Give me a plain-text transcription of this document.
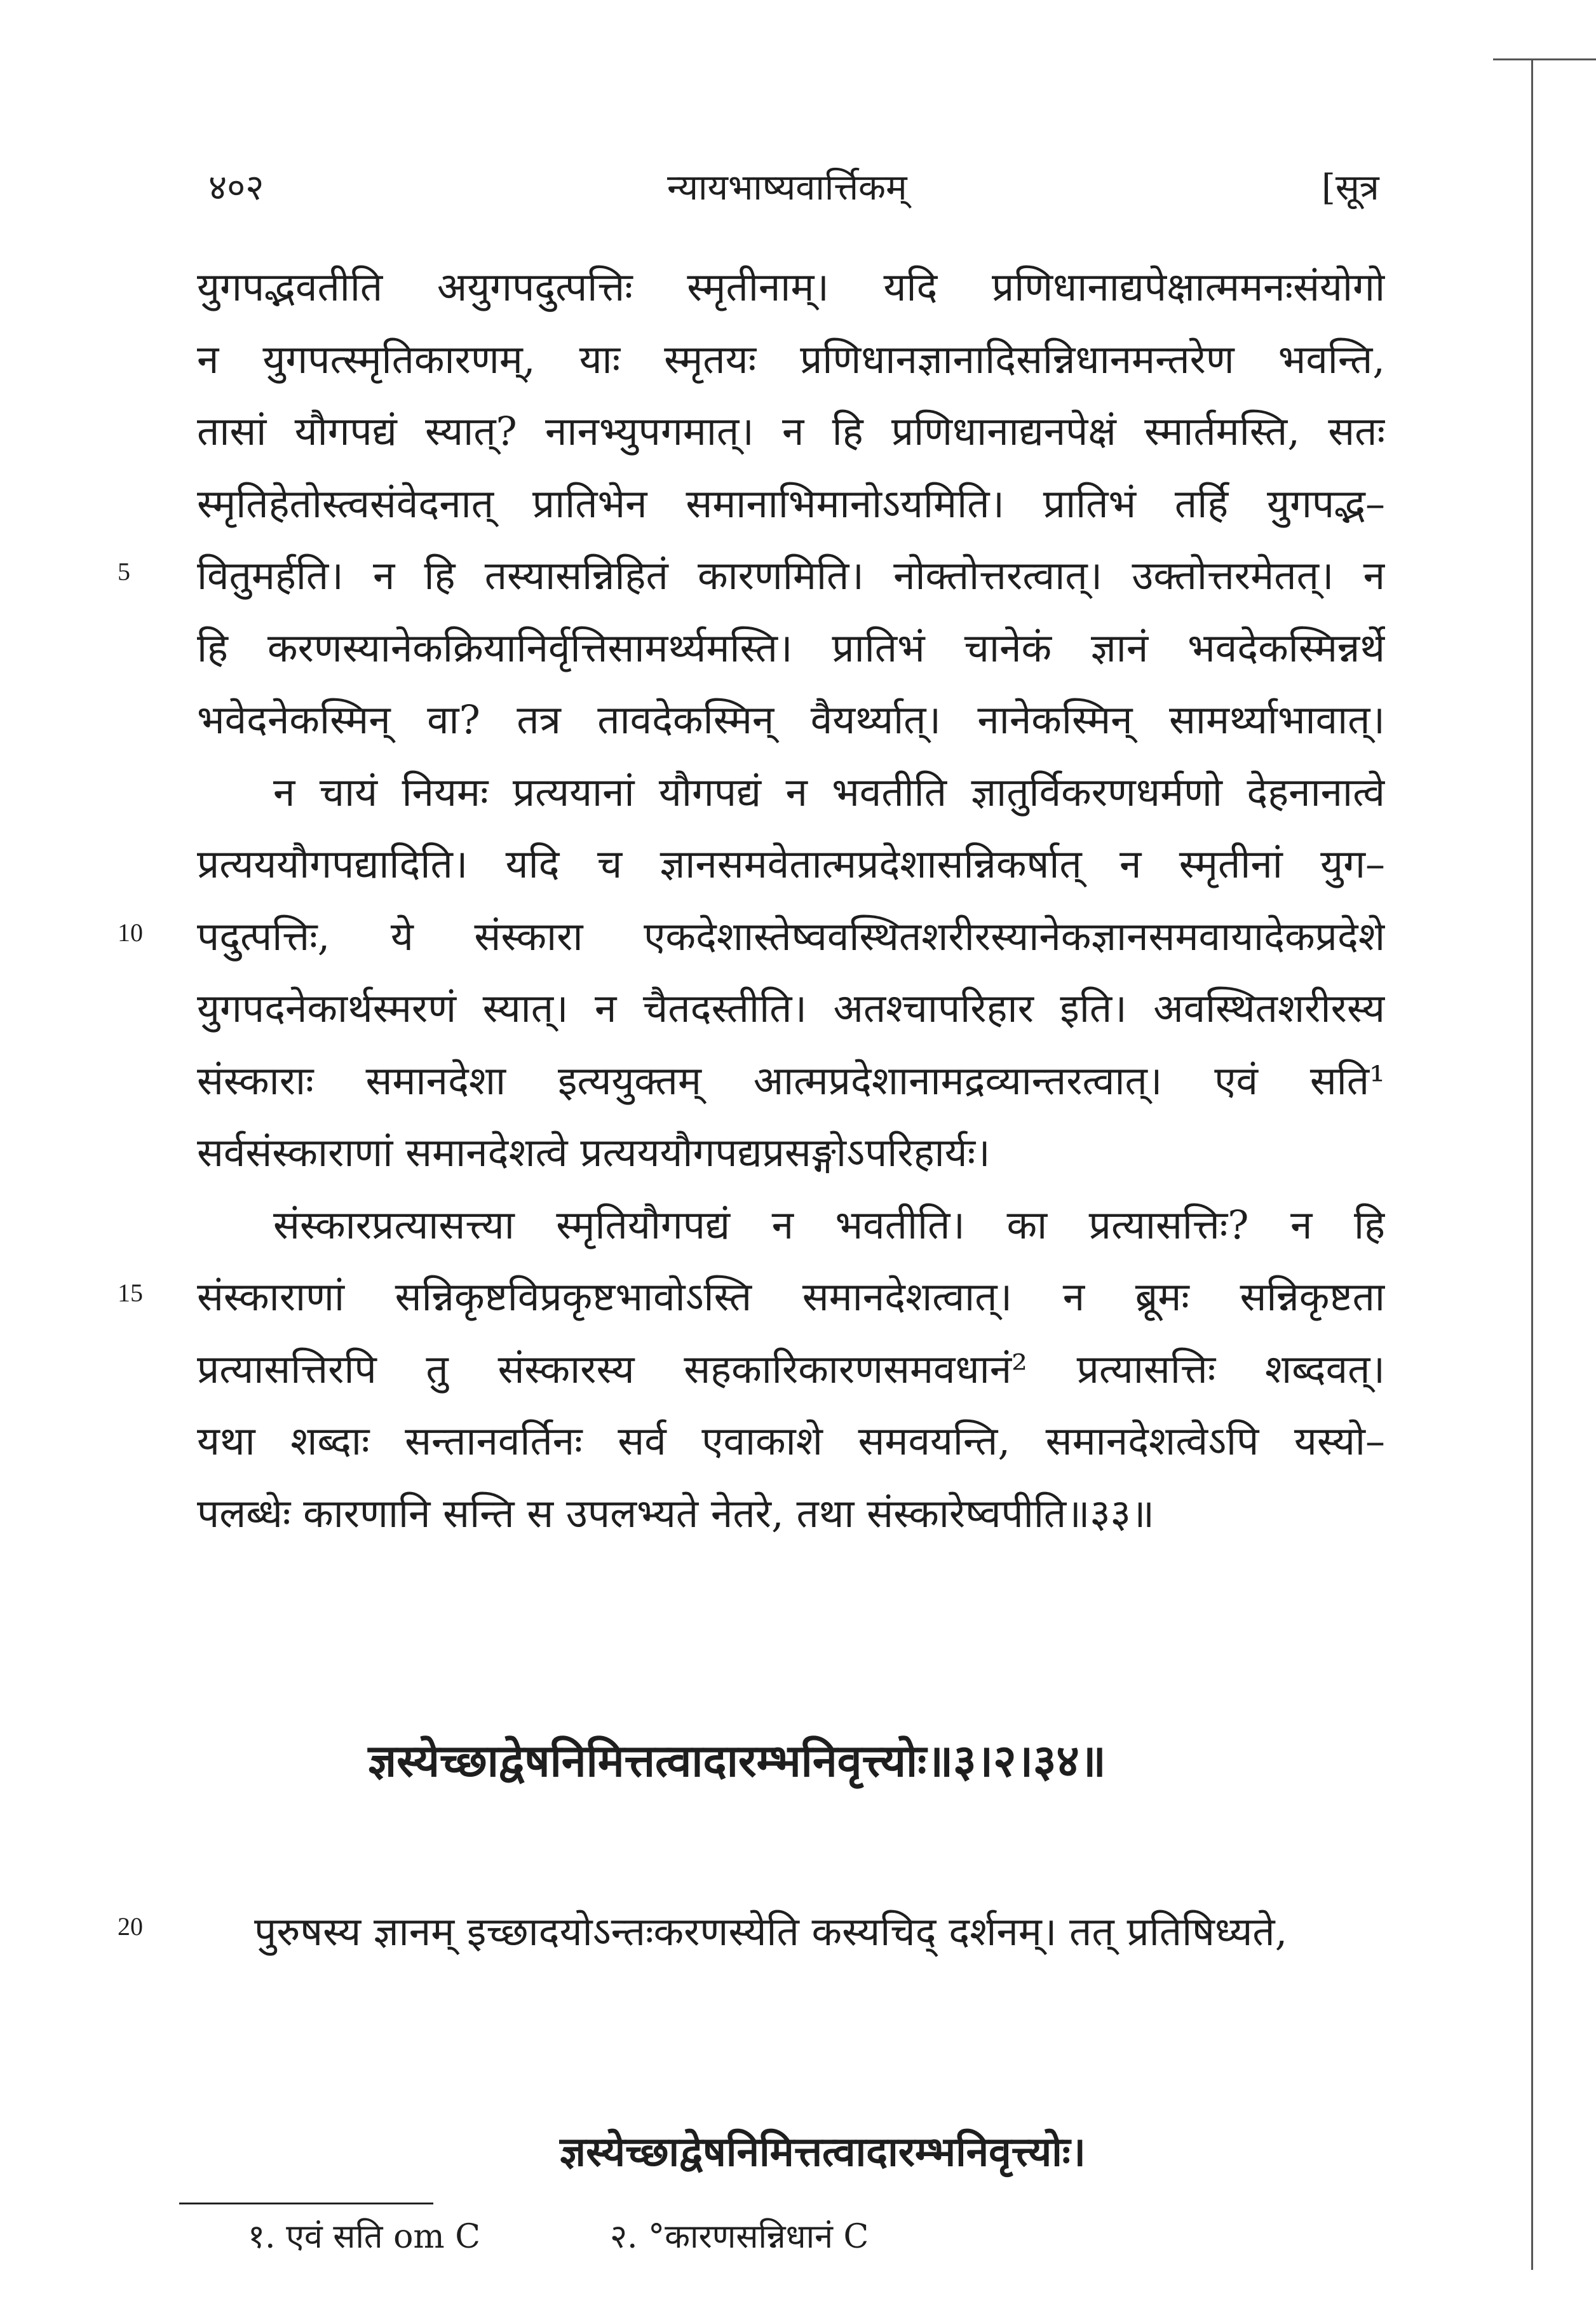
४०२	न्यायभाष्यवार्त्तिकम्	[सूत्र
युगपद्भवतीति अयुगपदुत्पत्तिः स्मृतीनाम्। यदि प्रणिधानाद्यपेक्षात्ममनःसंयोगो
न युगपत्स्मृतिकारणम्, याः स्मृतयः प्रणिधानज्ञानादिसन्निधानमन्तरेण भवन्ति,
तासां यौगपद्यं स्यात्? नानभ्युपगमात्। न हि प्रणिधानाद्यनपेक्षं स्मार्तमस्ति, सतः
स्मृतिहेतोस्त्वसंवेदनात् प्रातिभेन समानाभिमानोऽयमिति। प्रातिभं तर्हि युगपद्भ–
वितुमर्हति। न हि तस्यासन्निहितं कारणमिति। नोक्तोत्तरत्वात्। उक्तोत्तरमेतत्। न
5
हि करणस्यानेकक्रियानिर्वृत्तिसामर्थ्यमस्ति। प्रातिभं चानेकं ज्ञानं भवदेकस्मिन्नर्थे
भवेदनेकस्मिन् वा? तत्र तावदेकस्मिन् वैयर्थ्यात्। नानेकस्मिन् सामर्थ्याभावात्।
न चायं नियमः प्रत्ययानां यौगपद्यं न भवतीति ज्ञातुर्विकरणधर्मणो देहनानात्वे
प्रत्यययौगपद्यादिति। यदि च ज्ञानसमवेतात्मप्रदेशासन्निकर्षात् न स्मृतीनां युग–
पदुत्पत्तिः, ये संस्कारा एकदेशास्तेष्ववस्थितशरीरस्यानेकज्ञानसमवायादेकप्रदेशे
10
युगपदनेकार्थस्मरणं स्यात्। न चैतदस्तीति। अतश्चापरिहार इति। अवस्थितशरीरस्य
संस्काराः समानदेशा इत्ययुक्तम् आत्मप्रदेशानामद्रव्यान्तरत्वात्। एवं सति¹
सर्वसंस्काराणां समानदेशत्वे प्रत्यययौगपद्यप्रसङ्गोऽपरिहार्यः।
संस्कारप्रत्यासत्त्या स्मृतियौगपद्यं न भवतीति। का प्रत्यासत्तिः? न हि
संस्काराणां सन्निकृष्टविप्रकृष्टभावोऽस्ति समानदेशत्वात्। न ब्रूमः सन्निकृष्टता
15
प्रत्यासत्तिरपि तु संस्कारस्य सहकारिकारणसमवधानं² प्रत्यासत्तिः शब्दवत्।
यथा शब्दाः सन्तानवर्तिनः सर्व एवाकाशे समवयन्ति, समानदेशत्वेऽपि यस्यो–
पलब्धेः कारणानि सन्ति स उपलभ्यते नेतरे, तथा संस्कारेष्वपीति॥३३॥
ज्ञस्येच्छाद्वेषनिमित्तत्वादारम्भनिवृत्त्योः॥३।२।३४॥
20	पुरुषस्य ज्ञानम् इच्छादयोऽन्तःकरणस्येति कस्यचिद् दर्शनम्। तत् प्रतिषिध्यते,
ज्ञस्येच्छाद्वेषनिमित्तत्वादारम्भनिवृत्त्योः।
१. एवं सति om C	२. °कारणसन्निधानं C
